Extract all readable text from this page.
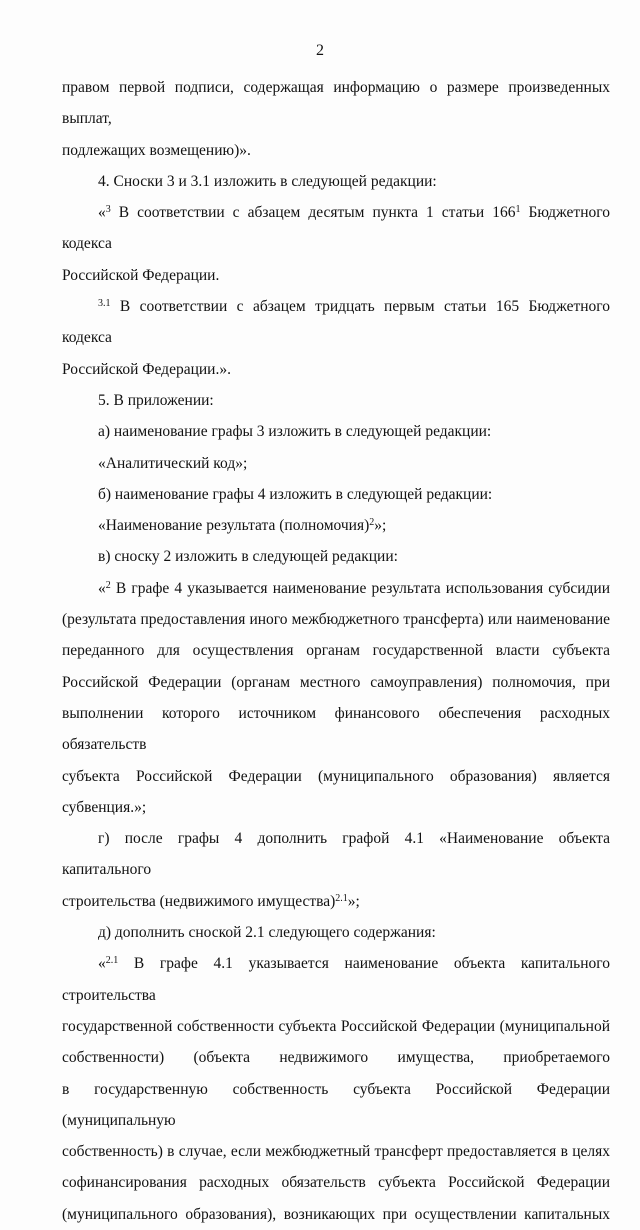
2

правом первой подписи, содержащая информацию о размере произведенных выплат,

подлежащих возмещению)».

4. Сноски 3 и 3.1 изложить в следующей редакции:

«$^3$ В соответствии с абзацем десятым пункта 1 статьи $166^1$ Бюджетного кодекса

Российской Федерации.

$^{3.1}$ В соответствии с абзацем тридцать первым статьи 165 Бюджетного кодекса

Российской Федерации.».

5. В приложении:

а) наименование графы 3 изложить в следующей редакции:

«Аналитический код»;

б) наименование графы 4 изложить в следующей редакции:

«Наименование результата (полномочия)$^2$»;

в) сноску 2 изложить в следующей редакции:

«$^2$ В графе 4 указывается наименование результата использования субсидии

(результата предоставления иного межбюджетного трансферта) или наименование

переданного для осуществления органам государственной власти субъекта

Российской Федерации (органам местного самоуправления) полномочия, при

выполнении которого источником финансового обеспечения расходных обязательств

субъекта Российской Федерации (муниципального образования) является

субвенция.»;

г) после графы 4 дополнить графой 4.1 «Наименование объекта капитального

строительства (недвижимого имущества)$^{2.1}$»;

д) дополнить сноской 2.1 следующего содержания:

«$^{2.1}$ В графе 4.1 указывается наименование объекта капитального строительства

государственной собственности субъекта Российской Федерации (муниципальной

собственности) (объекта недвижимого имущества, приобретаемого

в государственную собственность субъекта Российской Федерации (муниципальную

собственность) в случае, если межбюджетный трансферт предоставляется в целях

софинансирования расходных обязательств субъекта Российской Федерации

(муниципального образования), возникающих при осуществлении капитальных
